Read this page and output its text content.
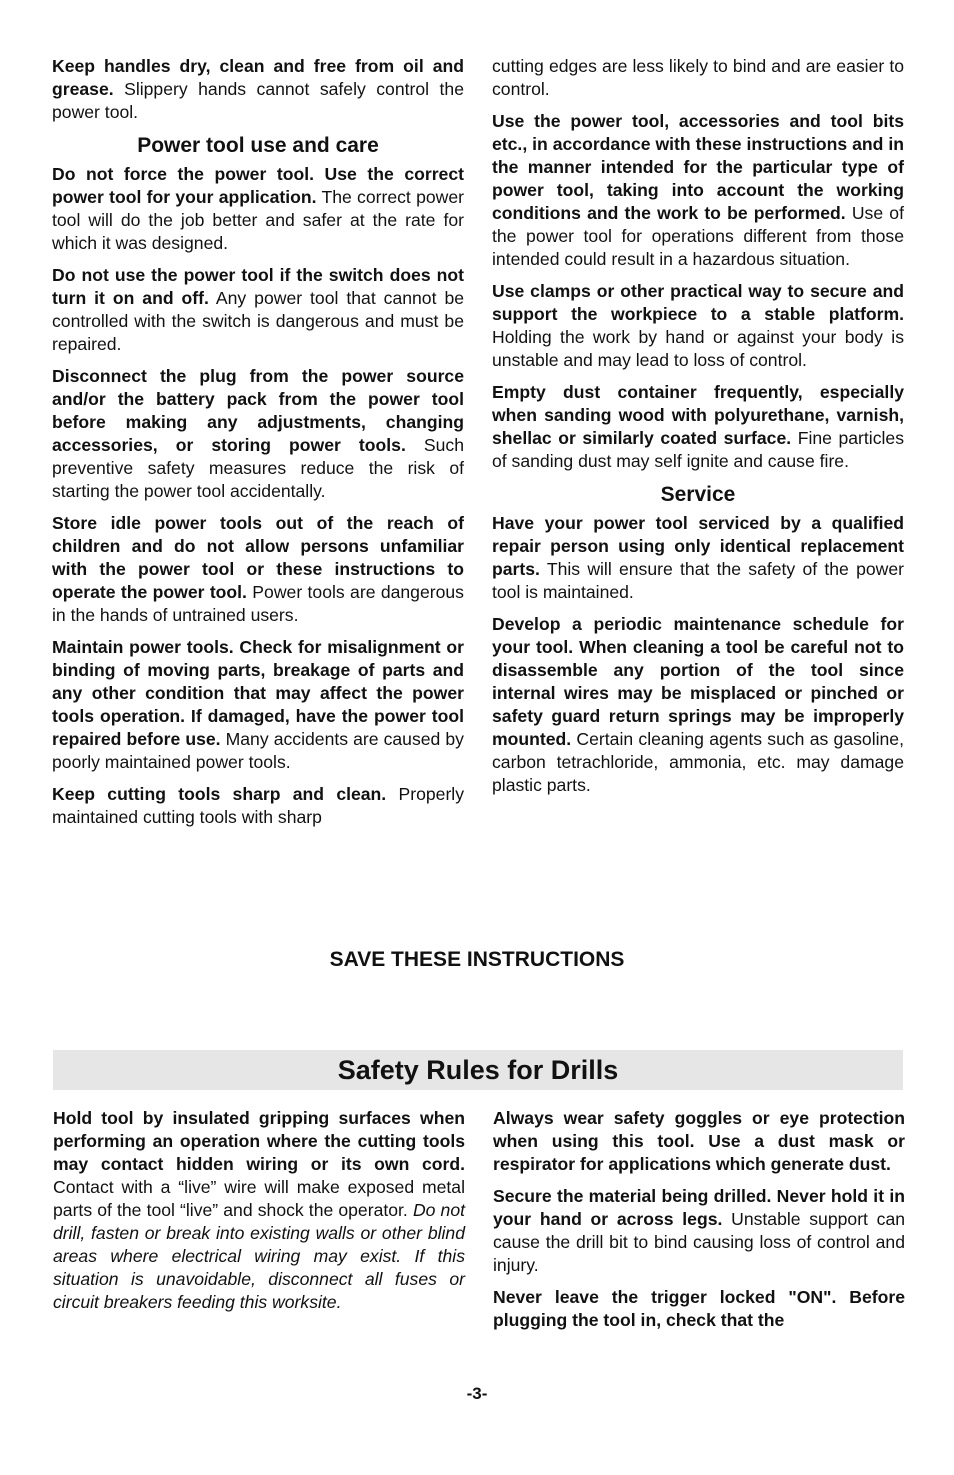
Keep handles dry, clean and free from oil and grease. Slippery hands cannot safely control the power tool.

Power tool use and care

Do not force the power tool. Use the correct power tool for your application. The correct power tool will do the job better and safer at the rate for which it was designed.

Do not use the power tool if the switch does not turn it on and off. Any power tool that cannot be controlled with the switch is dangerous and must be repaired.

Disconnect the plug from the power source and/or the battery pack from the power tool before making any adjustments, changing accessories, or storing power tools. Such preventive safety measures reduce the risk of starting the power tool accidentally.

Store idle power tools out of the reach of children and do not allow persons unfamiliar with the power tool or these instructions to operate the power tool. Power tools are dangerous in the hands of untrained users.

Maintain power tools. Check for misalignment or binding of moving parts, breakage of parts and any other condition that may affect the power tools operation. If damaged, have the power tool repaired before use. Many accidents are caused by poorly maintained power tools.

Keep cutting tools sharp and clean. Properly maintained cutting tools with sharp

cutting edges are less likely to bind and are easier to control.

Use the power tool, accessories and tool bits etc., in accordance with these instructions and in the manner intended for the particular type of power tool, taking into account the working conditions and the work to be performed. Use of the power tool for operations different from those intended could result in a hazardous situation.

Use clamps or other practical way to secure and support the workpiece to a stable platform. Holding the work by hand or against your body is unstable and may lead to loss of control.

Empty dust container frequently, especially when sanding wood with polyurethane, varnish, shellac or similarly coated surface. Fine particles of sanding dust may self ignite and cause fire.

Service

Have your power tool serviced by a qualified repair person using only identical replacement parts. This will ensure that the safety of the power tool is maintained.

Develop a periodic maintenance schedule for your tool. When cleaning a tool be careful not to disassemble any portion of the tool since internal wires may be misplaced or pinched or safety guard return springs may be improperly mounted. Certain cleaning agents such as gasoline, carbon tetrachloride, ammonia, etc. may damage plastic parts.

SAVE THESE INSTRUCTIONS
Safety Rules for Drills

Hold tool by insulated gripping surfaces when performing an operation where the cutting tools may contact hidden wiring or its own cord. Contact with a “live” wire will make exposed metal parts of the tool “live” and shock the operator. Do not drill, fasten or break into existing walls or other blind areas where electrical wiring may exist. If this situation is unavoidable, disconnect all fuses or circuit breakers feeding this worksite.

Always wear safety goggles or eye protection when using this tool. Use a dust mask or respirator for applications which generate dust.

Secure the material being drilled. Never hold it in your hand or across legs. Unstable support can cause the drill bit to bind causing loss of control and injury.

Never leave the trigger locked "ON". Before plugging the tool in, check that the

-3-
